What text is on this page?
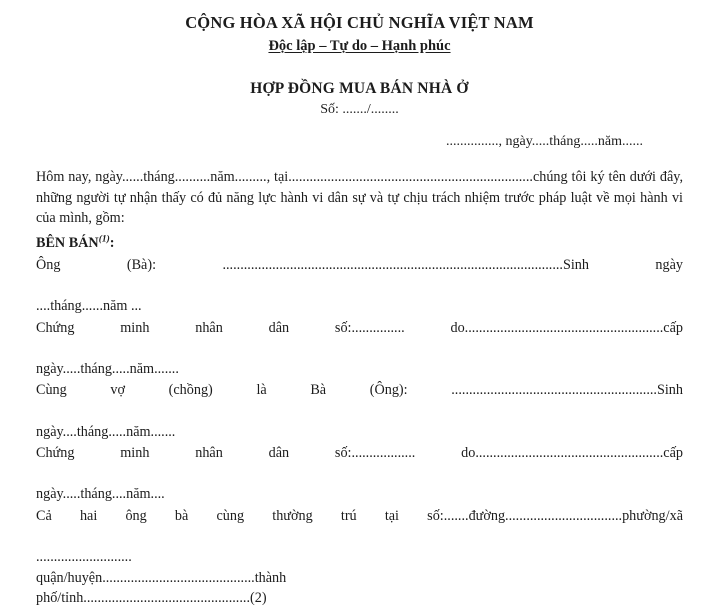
CỘNG HÒA XÃ HỘI CHỦ NGHĨA VIỆT NAM
Độc lập – Tự do – Hạnh phúc
HỢP ĐỒNG MUA BÁN NHÀ Ở
Số: ......./........
..............., ngày.....tháng.....năm......

Hôm nay, ngày......tháng..........năm........., tại.....................................................................chúng tôi ký tên dưới đây, những người tự nhận thấy có đủ năng lực hành vi dân sự và tự chịu trách nhiệm trước pháp luật về mọi hành vi của mình, gồm:

BÊN BÁN$^{(1)}$:

Ông (Bà): ................................................................................................Sinh ngày

....tháng......năm ...

Chứng minh nhân dân số:............... do........................................................cấp

ngày.....tháng.....năm.......

Cùng vợ (chồng) là Bà (Ông): ..........................................................Sinh

ngày....tháng.....năm.......

Chứng minh nhân dân số:.................. do.....................................................cấp

ngày.....tháng....năm....

Cả hai ông bà cùng thường trú tại số:.......đường.................................phường/xã

...........................

quận/huyện...........................................thành

phố/tỉnh...............................................(2)
